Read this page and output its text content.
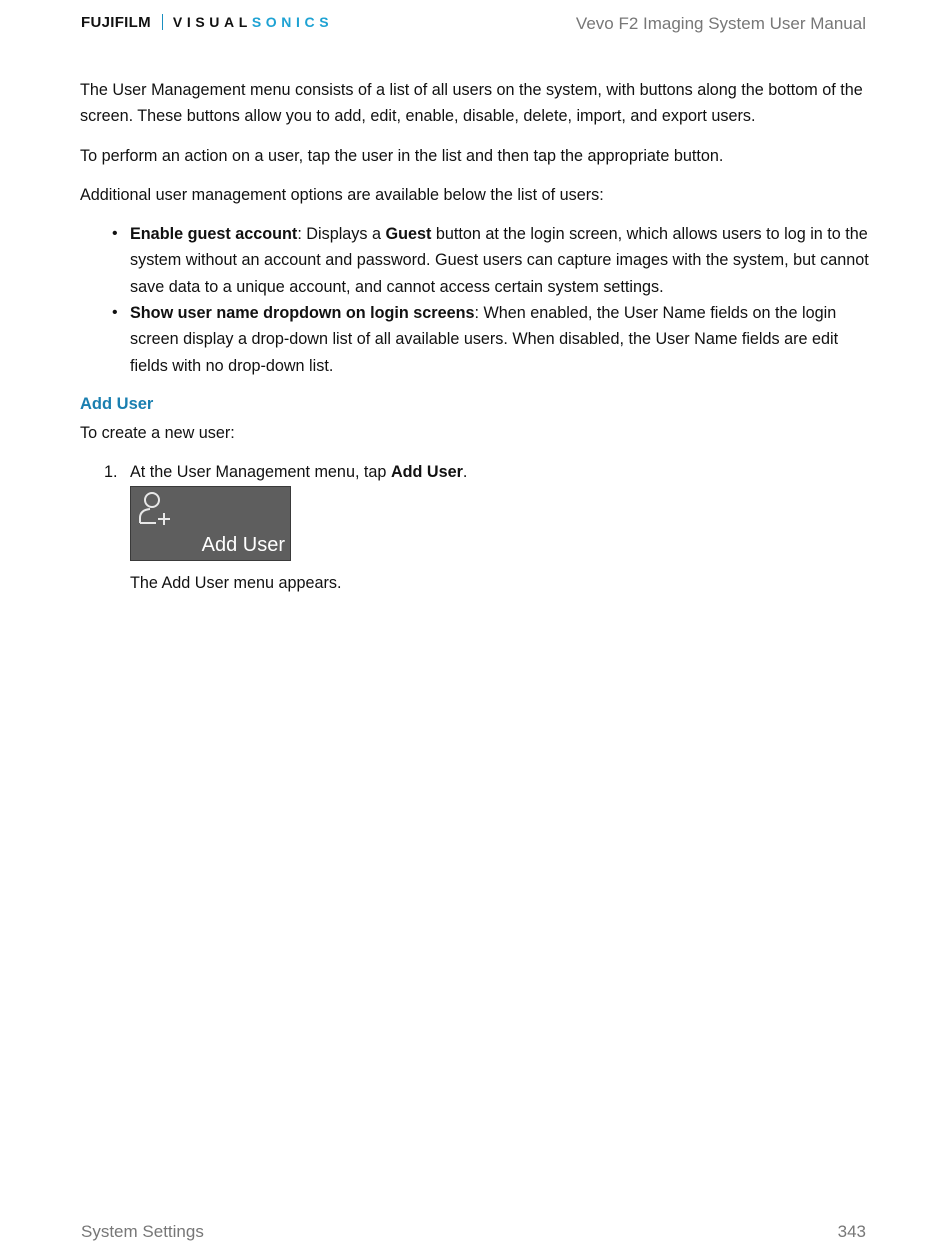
FUJIFILM VISUAL SONICS	Vevo F2 Imaging System User Manual

The User Management menu consists of a list of all users on the system, with buttons along the bottom of the screen. These buttons allow you to add, edit, enable, disable, delete, import, and export users.

To perform an action on a user, tap the user in the list and then tap the appropriate button.

Additional user management options are available below the list of users:

• Enable guest account: Displays a Guest button at the login screen, which allows users to log in to the system without an account and password. Guest users can capture images with the system, but cannot save data to a unique account, and cannot access certain system settings.
• Show user name dropdown on login screens: When enabled, the User Name fields on the login screen display a drop-down list of all available users. When disabled, the User Name fields are edit fields with no drop-down list.
Add User

To create a new user:

1. At the User Management menu, tap Add User.
Add User
The Add User menu appears.
System Settings	343
